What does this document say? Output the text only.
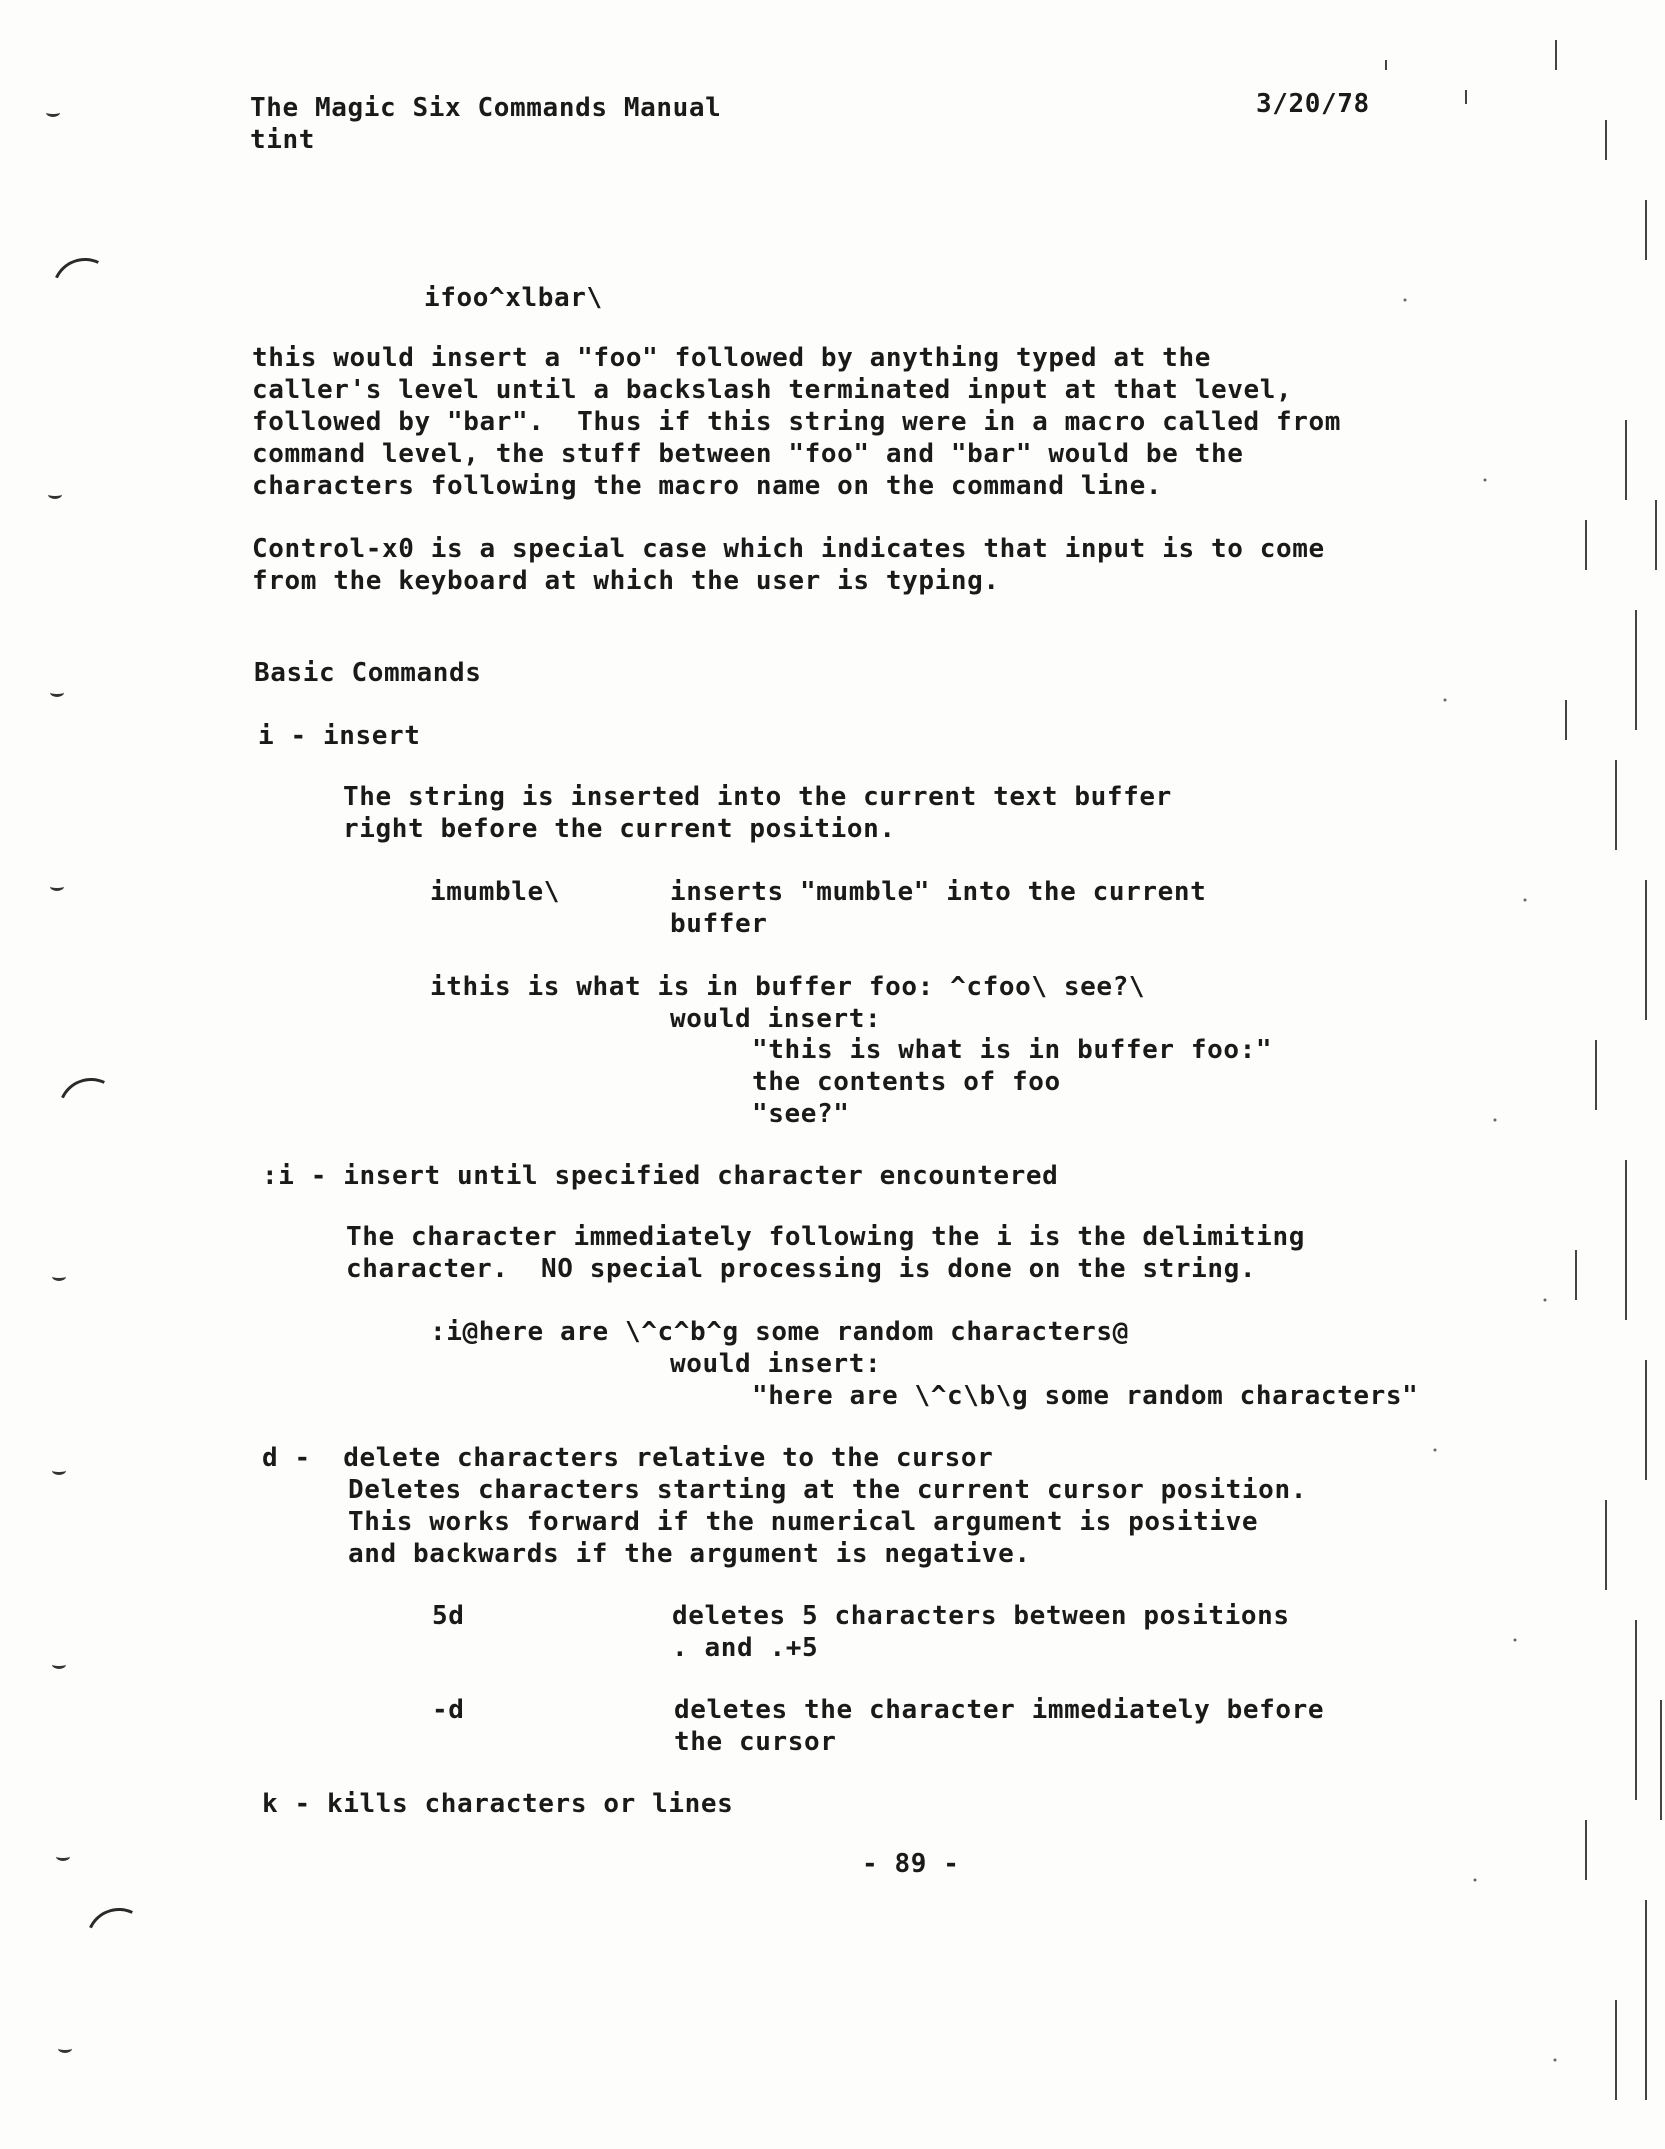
The Magic Six Commands Manual
tint
3/20/78
ifoo^xlbar\
this would insert a "foo" followed by anything typed at the
caller's level until a backslash terminated input at that level,
followed by "bar".  Thus if this string were in a macro called from
command level, the stuff between "foo" and "bar" would be the
characters following the macro name on the command line.
Control-x0 is a special case which indicates that input is to come
from the keyboard at which the user is typing.
Basic Commands
i - insert
The string is inserted into the current text buffer
right before the current position.
imumble\	inserts "mumble" into the current
buffer
ithis is what is in buffer foo: ^cfoo\ see?\
would insert:
"this is what is in buffer foo:"
the contents of foo
"see?"
:i - insert until specified character encountered
The character immediately following the i is the delimiting
character.  NO special processing is done on the string.
:i@here are \^c^b^g some random characters@
would insert:
"here are \^c\b\g some random characters"
d -  delete characters relative to the cursor
Deletes characters starting at the current cursor position.
This works forward if the numerical argument is positive
and backwards if the argument is negative.
5d	deletes 5 characters between positions
. and .+5
-d	deletes the character immediately before
the cursor
k - kills characters or lines
- 89 -
